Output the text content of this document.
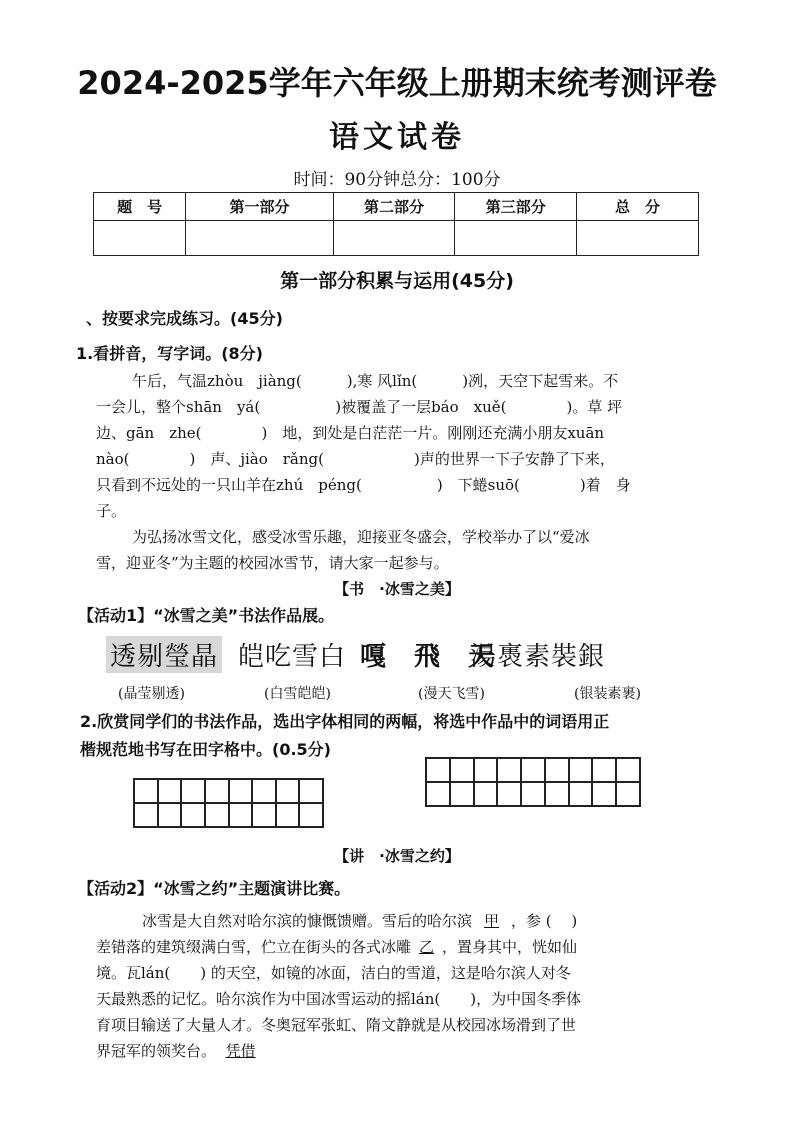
2024-2025学年六年级上册期末统考测评卷
语文试卷
时间：90分钟总分：100分
题　号	第一部分	第二部分	第三部分	总　分

第一部分积累与运用(45分)
、按要求完成练习。(45分)
1.看拼音，写字词。(8分)
午后，气温zhòu　jiàng(　　　),寒 风lǐn(　　　)冽，天空下起雪来。不
一会儿，整个shān　yá(　　　　　)被覆盖了一层báo　xuě(　　　　)。草 坪
边、gān　zhe(　　　　)　地，到处是白茫茫一片。刚刚还充满小朋友xuān
nào(　　　　)　声、jiào　rǎng(　　　　　　)声的世界一下子安静了下来，
只看到不远处的一只山羊在zhú　péng(　　　　　)　下蜷suō(　　　　)着　身
子。
为弘扬冰雪文化，感受冰雪乐趣，迎接亚冬盛会，学校举办了以“爱冰
雪，迎亚冬”为主题的校园冰雪节，请大家一起参与。
【书　·冰雪之美】
【活动1】“冰雪之美”书法作品展。
透剔瑩晶 皑吃雪白 嘎　飛　天
湯褭素裝銀
(晶莹剔透)	(白雪皑皑)	(漫天飞雪)	(银装素裹)
2.欣赏同学们的书法作品，选出字体相同的两幅，将选中作品中的词语用正
楷规范地书写在田字格中。(0.5分)
【讲　·冰雪之约】
【活动2】“冰雪之约”主题演讲比赛。
冰雪是大自然对哈尔滨的慷慨馈赠。雪后的哈尔滨 甲 ，参 (　 )
差错落的建筑缀满白雪，伫立在街头的各式冰雕 乙 ，置身其中，恍如仙
境。瓦lán(　　) 的天空，如镜的冰面，洁白的雪道，这是哈尔滨人对冬
天最熟悉的记忆。哈尔滨作为中国冰雪运动的摇lán(　　)，为中国冬季体
育项目输送了大量人才。冬奥冠军张虹、隋文静就是从校园冰场滑到了世
界冠军的领奖台。 凭借
